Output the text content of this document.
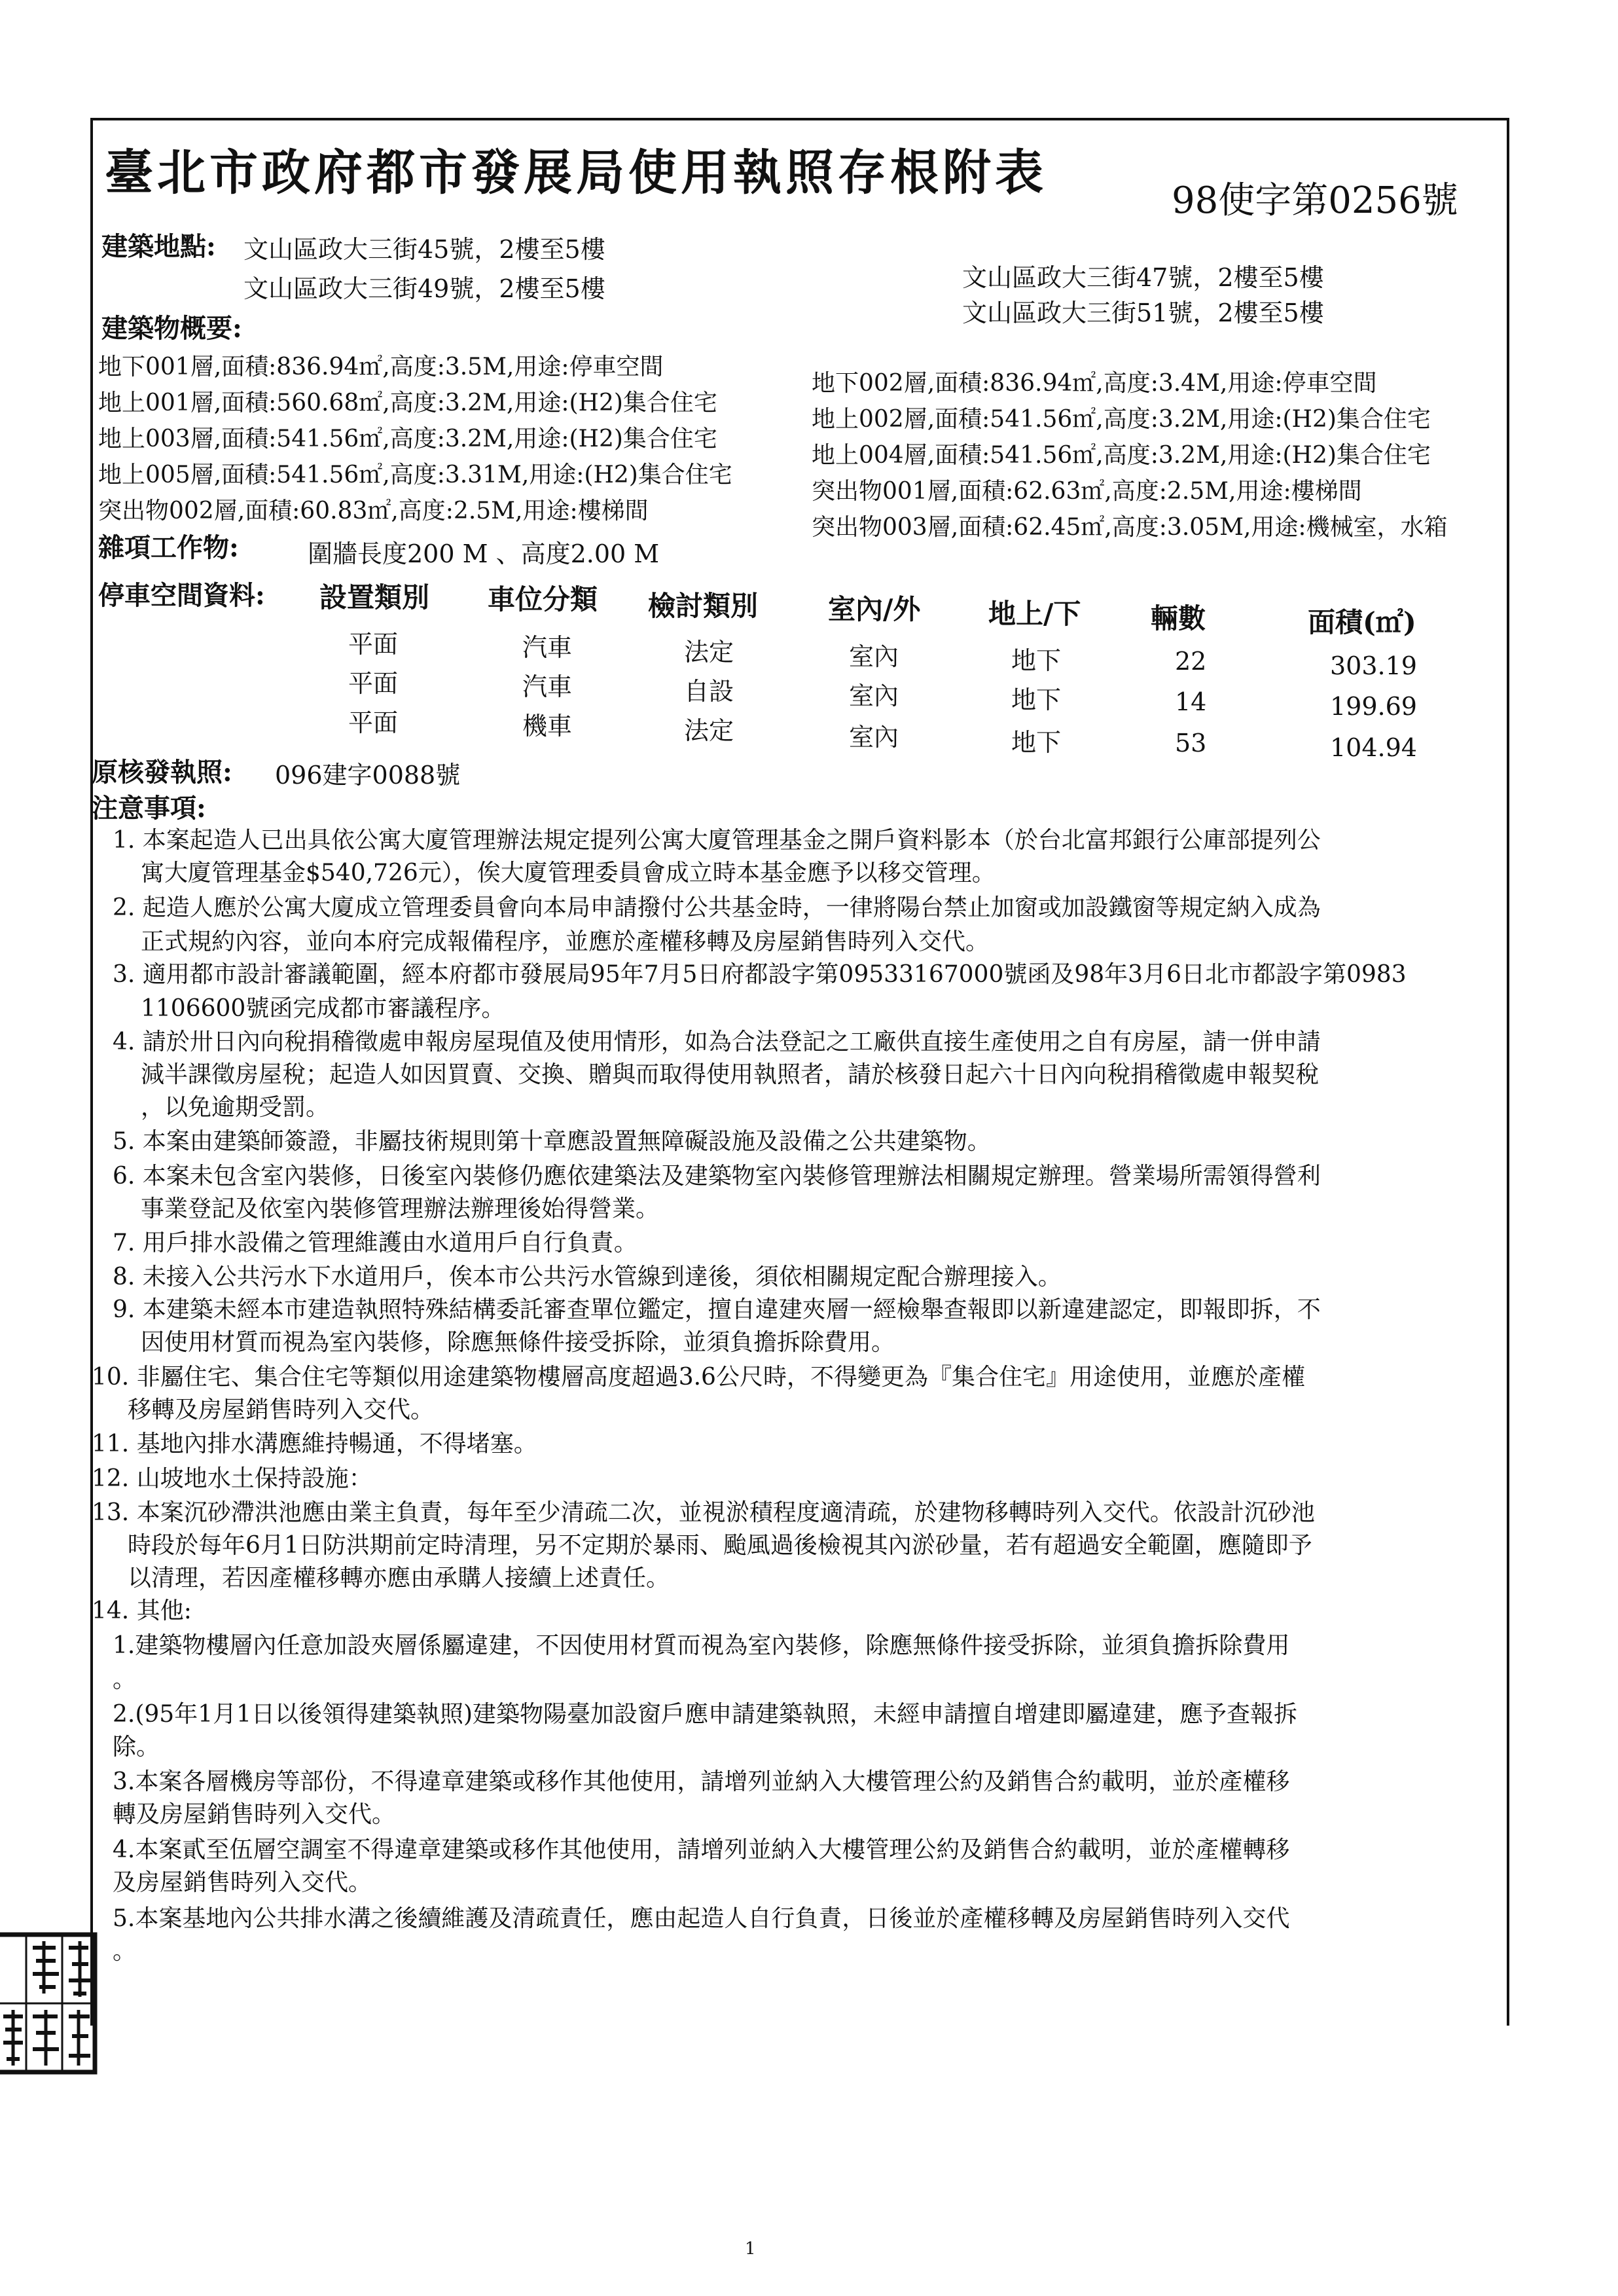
臺北市政府都市發展局使用執照存根附表	98使字第0256號
建築地點: 文山區政大三街45號，2樓至5樓
文山區政大三街47號，2樓至5樓
文山區政大三街49號，2樓至5樓
文山區政大三街51號，2樓至5樓
建築物概要:
地下001層,面積:836.94㎡,高度:3.5M,用途:停車空間
地上001層,面積:560.68㎡,高度:3.2M,用途:(H2)集合住宅
地上003層,面積:541.56㎡,高度:3.2M,用途:(H2)集合住宅
地上005層,面積:541.56㎡,高度:3.31M,用途:(H2)集合住宅
突出物002層,面積:60.83㎡,高度:2.5M,用途:樓梯間
地下002層,面積:836.94㎡,高度:3.4M,用途:停車空間
地上002層,面積:541.56㎡,高度:3.2M,用途:(H2)集合住宅
地上004層,面積:541.56㎡,高度:3.2M,用途:(H2)集合住宅
突出物001層,面積:62.63㎡,高度:2.5M,用途:樓梯間
突出物003層,面積:62.45㎡,高度:3.05M,用途:機械室，水箱
雜項工作物:	圍牆長度200 M 、高度2.00 M
停車空間資料: 設置類別 車位分類 檢討類別	室內/外 地上/下	輛數	面積(㎡)
平面	汽車	法定	室內	地下	22	303.19
平面	汽車	自設	室內	地下	14	199.69
平面	機車	法定	室內	地下	53	104.94
原核發執照: 096建字0088號
注意事項:
1. 本案起造人已出具依公寓大廈管理辦法規定提列公寓大廈管理基金之開戶資料影本（於台北富邦銀行公庫部提列公
寓大廈管理基金$540,726元），俟大廈管理委員會成立時本基金應予以移交管理。
2. 起造人應於公寓大廈成立管理委員會向本局申請撥付公共基金時，一律將陽台禁止加窗或加設鐵窗等規定納入成為
正式規約內容，並向本府完成報備程序，並應於產權移轉及房屋銷售時列入交代。
3. 適用都市設計審議範圍，經本府都市發展局95年7月5日府都設字第09533167000號函及98年3月6日北市都設字第0983
1106600號函完成都市審議程序。
4. 請於卅日內向稅捐稽徵處申報房屋現值及使用情形，如為合法登記之工廠供直接生產使用之自有房屋，請一併申請
減半課徵房屋稅；起造人如因買賣、交換、贈與而取得使用執照者，請於核發日起六十日內向稅捐稽徵處申報契稅
，以免逾期受罰。
5. 本案由建築師簽證，非屬技術規則第十章應設置無障礙設施及設備之公共建築物。
6. 本案未包含室內裝修，日後室內裝修仍應依建築法及建築物室內裝修管理辦法相關規定辦理。營業場所需領得營利
事業登記及依室內裝修管理辦法辦理後始得營業。
7. 用戶排水設備之管理維護由水道用戶自行負責。
8. 未接入公共污水下水道用戶，俟本市公共污水管線到達後，須依相關規定配合辦理接入。
9. 本建築未經本市建造執照特殊結構委託審查單位鑑定，擅自違建夾層一經檢舉查報即以新違建認定，即報即拆，不
因使用材質而視為室內裝修，除應無條件接受拆除，並須負擔拆除費用。
10. 非屬住宅、集合住宅等類似用途建築物樓層高度超過3.6公尺時，不得變更為『集合住宅』用途使用，並應於產權
移轉及房屋銷售時列入交代。
11. 基地內排水溝應維持暢通，不得堵塞。
12. 山坡地水土保持設施：
13. 本案沉砂滯洪池應由業主負責，每年至少清疏二次，並視淤積程度適清疏，於建物移轉時列入交代。依設計沉砂池
時段於每年6月1日防洪期前定時清理，另不定期於暴雨、颱風過後檢視其內淤砂量，若有超過安全範圍，應隨即予
以清理，若因產權移轉亦應由承購人接續上述責任。
14. 其他:
1.建築物樓層內任意加設夾層係屬違建，不因使用材質而視為室內裝修，除應無條件接受拆除，並須負擔拆除費用
。
2.(95年1月1日以後領得建築執照)建築物陽臺加設窗戶應申請建築執照，未經申請擅自增建即屬違建，應予查報拆
除。
3.本案各層機房等部份，不得違章建築或移作其他使用，請增列並納入大樓管理公約及銷售合約載明，並於產權移
轉及房屋銷售時列入交代。
4.本案貳至伍層空調室不得違章建築或移作其他使用，請增列並納入大樓管理公約及銷售合約載明，並於產權轉移
及房屋銷售時列入交代。
5.本案基地內公共排水溝之後續維護及清疏責任，應由起造人自行負責，日後並於產權移轉及房屋銷售時列入交代
。
1
